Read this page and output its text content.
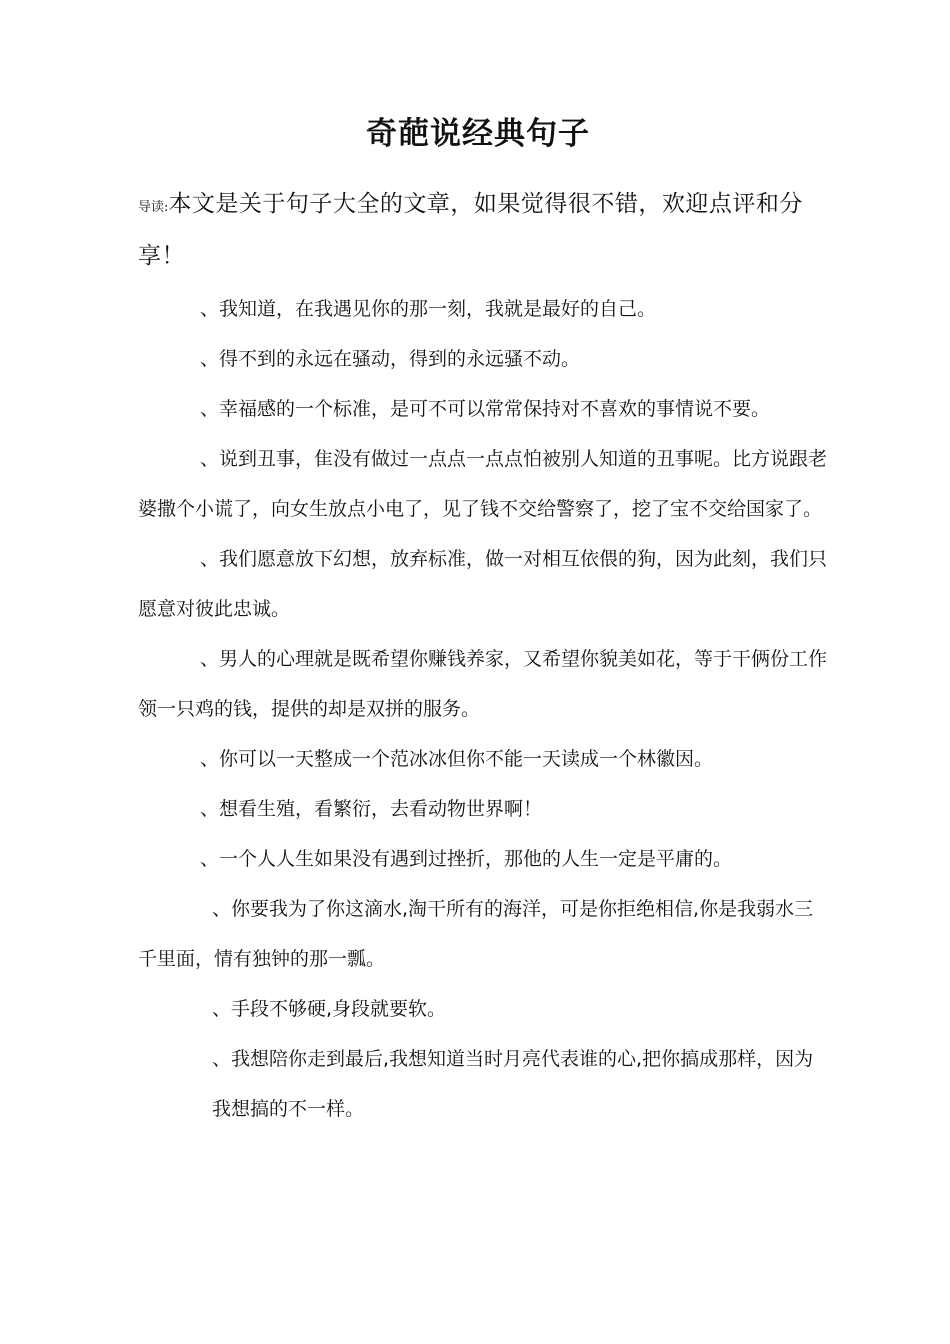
奇葩说经典句子
导读:本文是关于句子大全的文章，如果觉得很不错，欢迎点评和分享！

、我知道，在我遇见你的那一刻，我就是最好的自己。

、得不到的永远在骚动，得到的永远骚不动。

、幸福感的一个标准，是可不可以常常保持对不喜欢的事情说不要。

、说到丑事，隹没有做过一点点一点点怕被别人知道的丑事呢。比方说跟老婆撒个小谎了，向女生放点小电了，见了钱不交给警察了，挖了宝不交给国家了。

、我们愿意放下幻想，放弃标准，做一对相互依偎的狗，因为此刻，我们只愿意对彼此忠诚。

、男人的心理就是既希望你赚钱养家，又希望你貌美如花，等于干俩份工作领一只鸡的钱，提供的却是双拼的服务。

、你可以一天整成一个范冰冰但你不能一天读成一个林徽因。

、想看生殖，看繁衍，去看动物世界啊！

、一个人人生如果没有遇到过挫折，那他的人生一定是平庸的。

、你要我为了你这滴水,淘干所有的海洋，可是你拒绝相信,你是我弱水三千里面，情有独钟的那一瓢。

、手段不够硬,身段就要软。

、我想陪你走到最后,我想知道当时月亮代表谁的心,把你搞成那样，因为我想搞的不一样。
